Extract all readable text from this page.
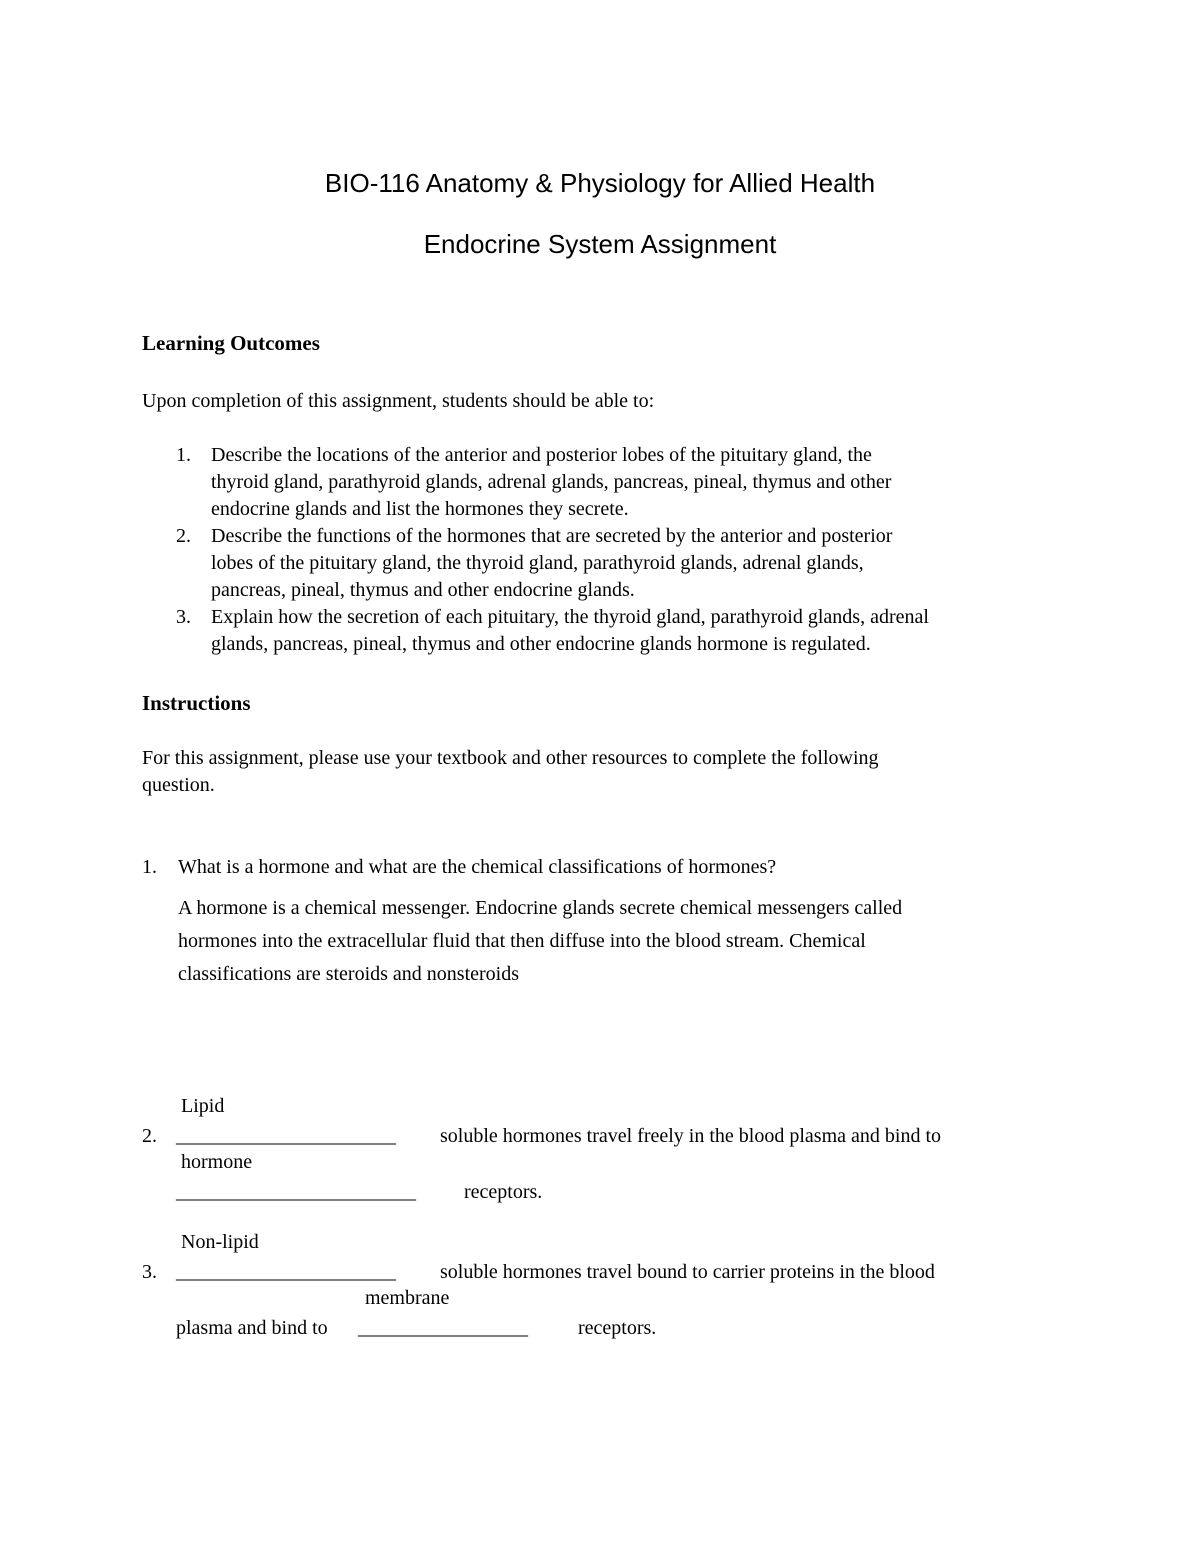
BIO-116 Anatomy & Physiology for Allied Health
Endocrine System Assignment
Learning Outcomes
Upon completion of this assignment, students should be able to:
1. Describe the locations of the anterior and posterior lobes of the pituitary gland, the
thyroid gland, parathyroid glands, adrenal glands, pancreas, pineal, thymus and other
endocrine glands and list the hormones they secrete.
2. Describe the functions of the hormones that are secreted by the anterior and posterior
lobes of the pituitary gland, the thyroid gland, parathyroid glands, adrenal glands,
pancreas, pineal, thymus and other endocrine glands.
3. Explain how the secretion of each pituitary, the thyroid gland, parathyroid glands, adrenal
glands, pancreas, pineal, thymus and other endocrine glands hormone is regulated.
Instructions
For this assignment, please use your textbook and other resources to complete the following
question.
1. What is a hormone and what are the chemical classifications of hormones?
A hormone is a chemical messenger. Endocrine glands secrete chemical messengers called
hormones into the extracellular fluid that then diffuse into the blood stream. Chemical
classifications are steroids and nonsteroids
Lipid
2. ______________________ soluble hormones travel freely in the blood plasma and bind to
hormone
________________________ receptors.
Non-lipid
3. ______________________ soluble hormones travel bound to carrier proteins in the blood
membrane
plasma and bind to _________________	receptors.
